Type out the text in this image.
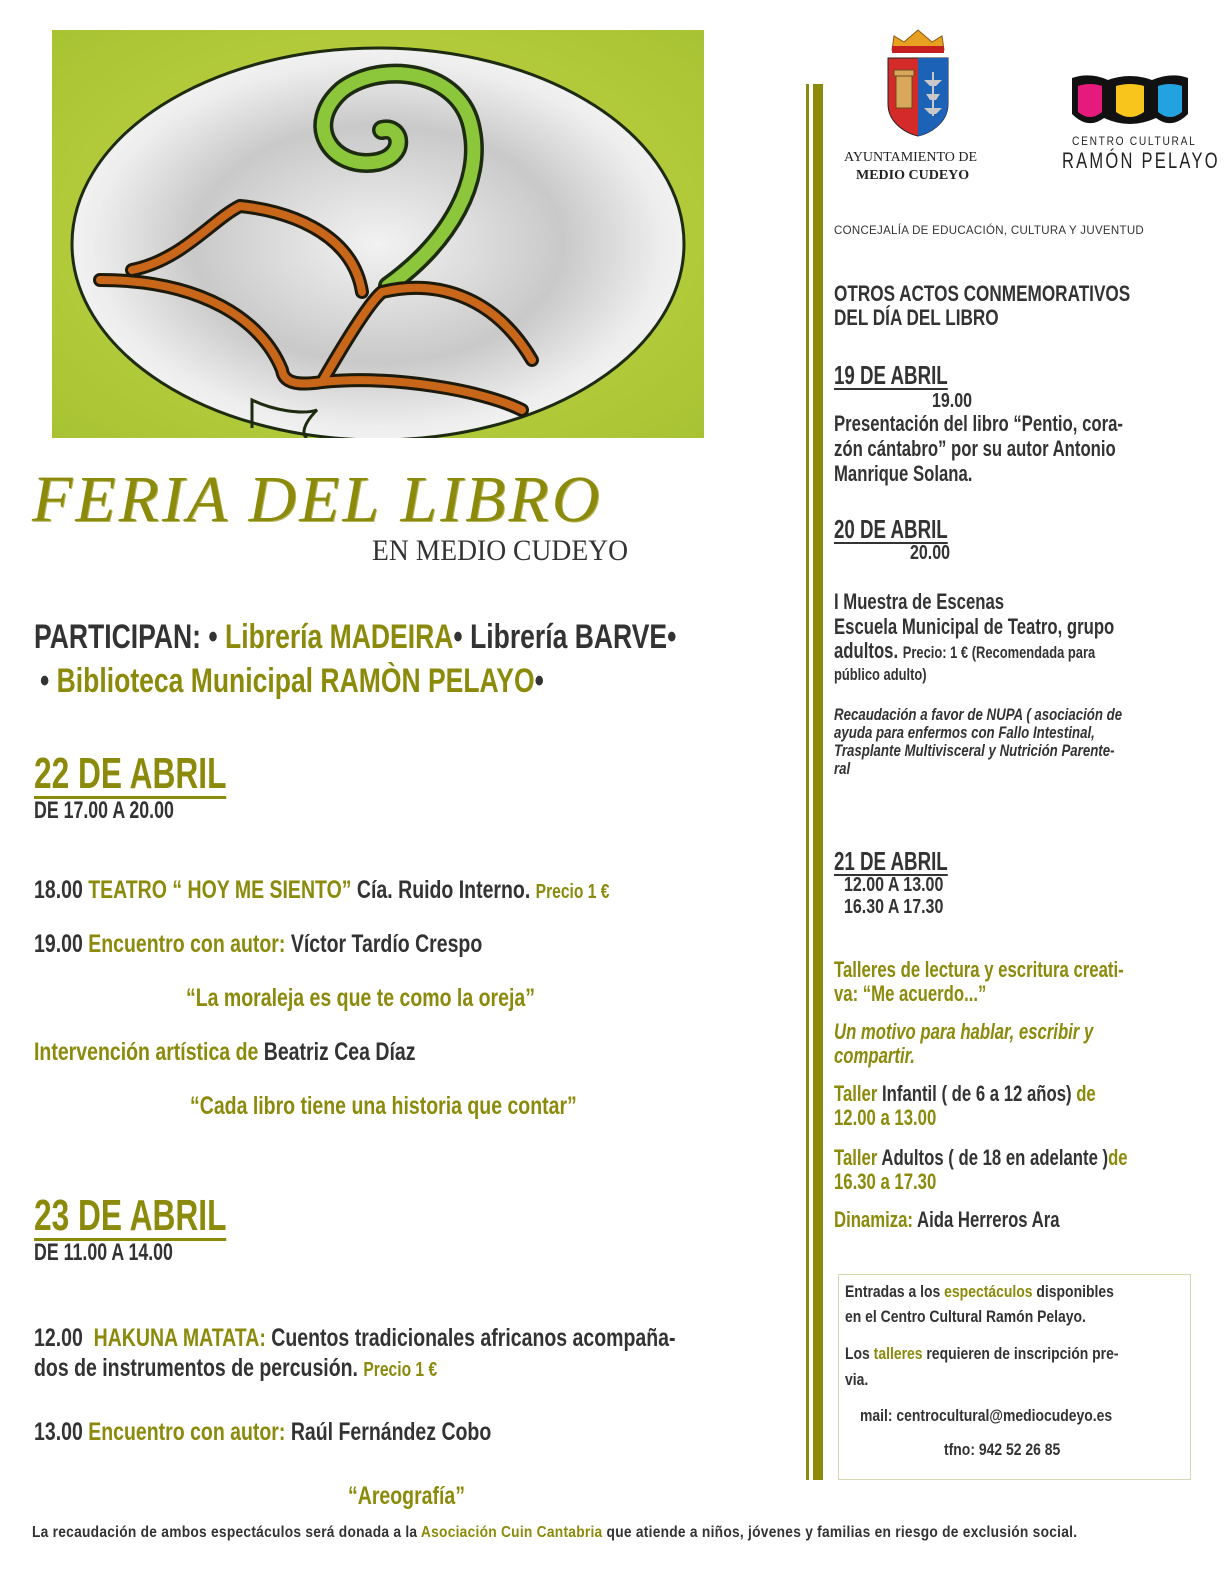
FERIA DEL LIBRO
EN MEDIO CUDEYO
PARTICIPAN: • Librería MADEIRA• Librería BARVE•
• Biblioteca Municipal RAMÒN PELAYO•
22 DE ABRIL
DE 17.00 A 20.00
18.00 TEATRO “ HOY ME SIENTO” Cía. Ruido Interno. Precio 1 €
19.00 Encuentro con autor: Víctor Tardío Crespo
“La moraleja es que te como la oreja”
Intervención artística de Beatriz Cea Díaz
“Cada libro tiene una historia que contar”
23 DE ABRIL
DE 11.00 A 14.00
12.00 HAKUNA MATATA: Cuentos tradicionales africanos acompaña-
dos de instrumentos de percusión. Precio 1 €
13.00 Encuentro con autor: Raúl Fernández Cobo
“Areografía”
La recaudación de ambos espectáculos será donada a la Asociación Cuin Cantabria que atiende a niños, jóvenes y familias en riesgo de exclusión social.
AYUNTAMIENTO DE
MEDIO CUDEYO
CENTRO CULTURAL
RAMÓN PELAYO
CONCEJALÍA DE EDUCACIÓN, CULTURA Y JUVENTUD
OTROS ACTOS CONMEMORATIVOS
DEL DÍA DEL LIBRO
19 DE ABRIL
19.00
Presentación del libro “Pentio, cora-
zón cántabro” por su autor Antonio
Manrique Solana.
20 DE ABRIL
20.00
I Muestra de Escenas
Escuela Municipal de Teatro, grupo
adultos. Precio: 1 € (Recomendada para
público adulto)
Recaudación a favor de NUPA ( asociación de
ayuda para enfermos con Fallo Intestinal,
Trasplante Multivisceral y Nutrición Parente-
ral
21 DE ABRIL
12.00 A 13.00
16.30 A 17.30
Talleres de lectura y escritura creati-
va: “Me acuerdo...”
Un motivo para hablar, escribir y
compartir.
Taller Infantil ( de 6 a 12 años) de
12.00 a 13.00
Taller Adultos ( de 18 en adelante )de
16.30 a 17.30
Dinamiza: Aida Herreros Ara
Entradas a los espectáculos disponibles
en el Centro Cultural Ramón Pelayo.
Los talleres requieren de inscripción pre-
via.
mail: centrocultural@mediocudeyo.es
tfno: 942 52 26 85
